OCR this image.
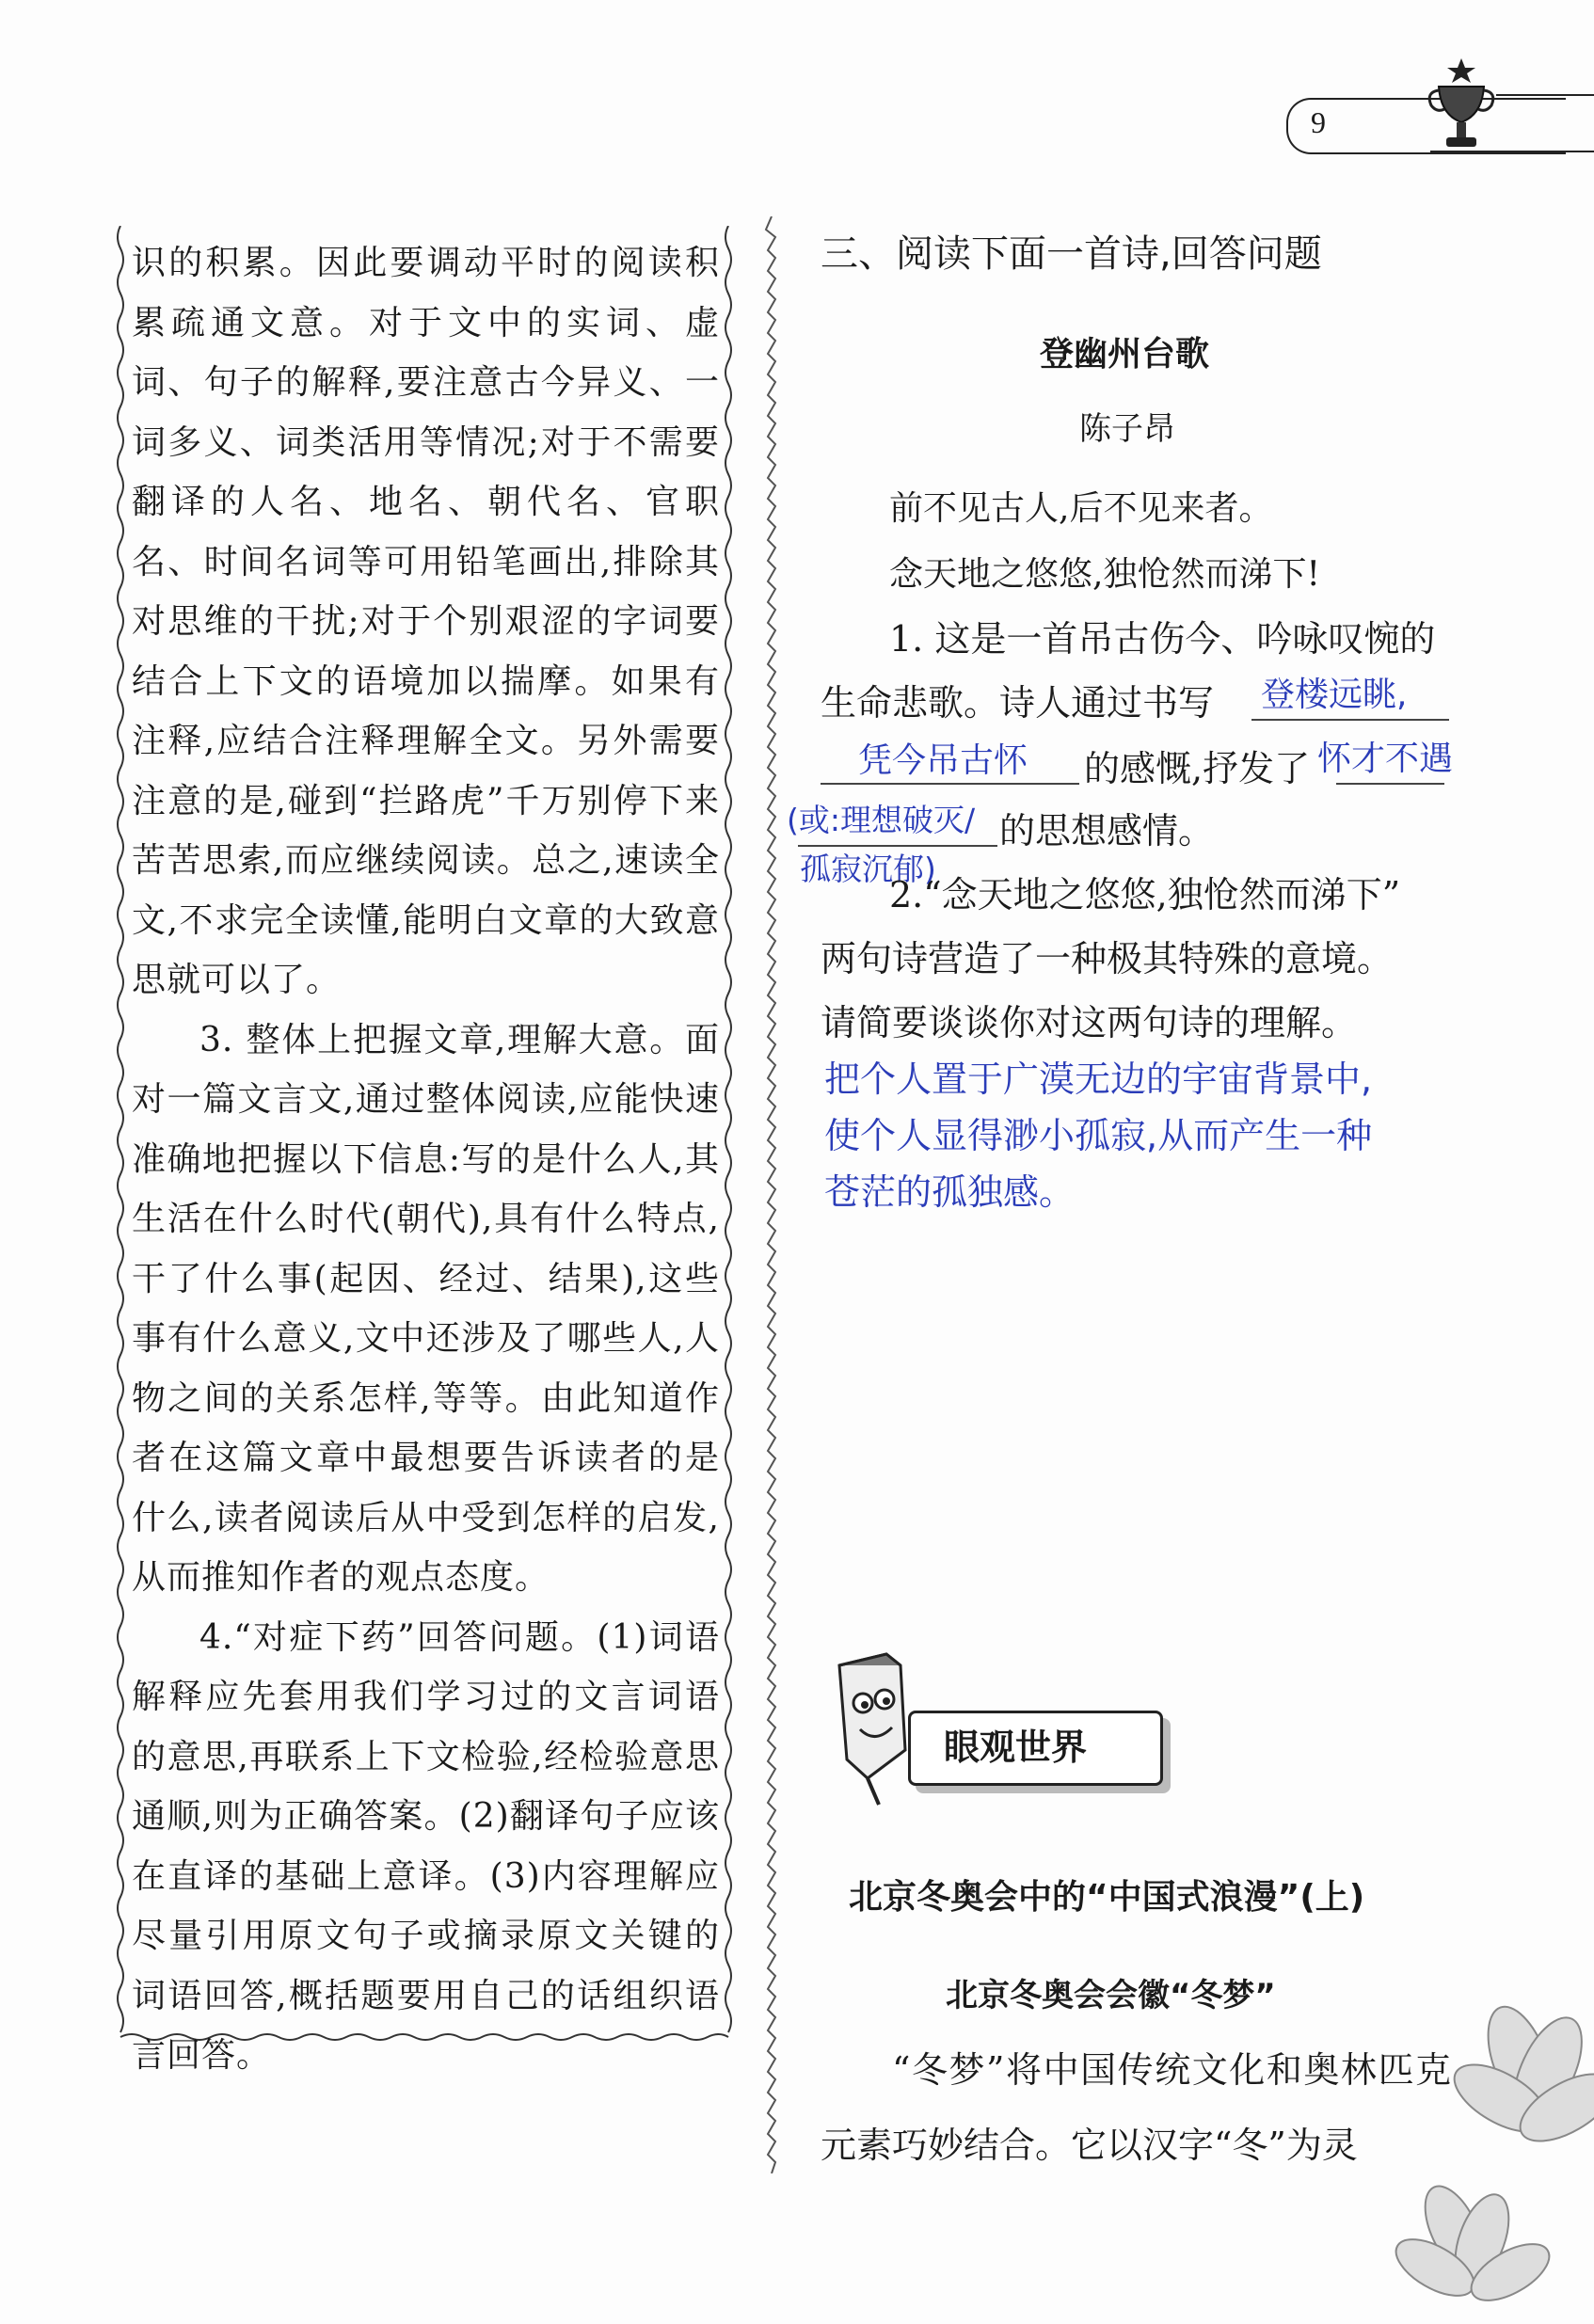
9

识的积累。因此要调动平时的阅读积累疏通文意。对于文中的实词、虚词、句子的解释,要注意古今异义、一词多义、词类活用等情况;对于不需要翻译的人名、地名、朝代名、官职名、时间名词等可用铅笔画出,排除其对思维的干扰;对于个别艰涩的字词要结合上下文的语境加以揣摩。如果有注释,应结合注释理解全文。另外需要注意的是,碰到“拦路虎”千万别停下来苦苦思索,而应继续阅读。总之,速读全文,不求完全读懂,能明白文章的大致意思就可以了。

3. 整体上把握文章,理解大意。面对一篇文言文,通过整体阅读,应能快速准确地把握以下信息:写的是什么人,其生活在什么时代(朝代),具有什么特点,干了什么事(起因、经过、结果),这些事有什么意义,文中还涉及了哪些人,人物之间的关系怎样,等等。由此知道作者在这篇文章中最想要告诉读者的是什么,读者阅读后从中受到怎样的启发,从而推知作者的观点态度。

4.“对症下药”回答问题。(1)词语解释应先套用我们学习过的文言词语的意思,再联系上下文检验,经检验意思通顺,则为正确答案。(2)翻译句子应该在直译的基础上意译。(3)内容理解应尽量引用原文句子或摘录原文关键的词语回答,概括题要用自己的话组织语言回答。

三、阅读下面一首诗,回答问题
登幽州台歌
陈子昂
前不见古人,后不见来者。
念天地之悠悠,独怆然而涕下!
1. 这是一首吊古伤今、吟咏叹惋的
生命悲歌。诗人通过书写 登楼远眺,
凭今吊古怀 的感慨,抒发了 怀才不遇
(或:理想破灭/ 的思想感情。
孤寂沉郁)
2.“念天地之悠悠,独怆然而涕下”
两句诗营造了一种极其特殊的意境。
请简要谈谈你对这两句诗的理解。
把个人置于广漠无边的宇宙背景中,
使个人显得渺小孤寂,从而产生一种
苍茫的孤独感。
眼观世界
北京冬奥会中的“中国式浪漫”(上)
北京冬奥会会徽“冬梦”

“冬梦”将中国传统文化和奥林匹克元素巧妙结合。它以汉字“冬”为灵
